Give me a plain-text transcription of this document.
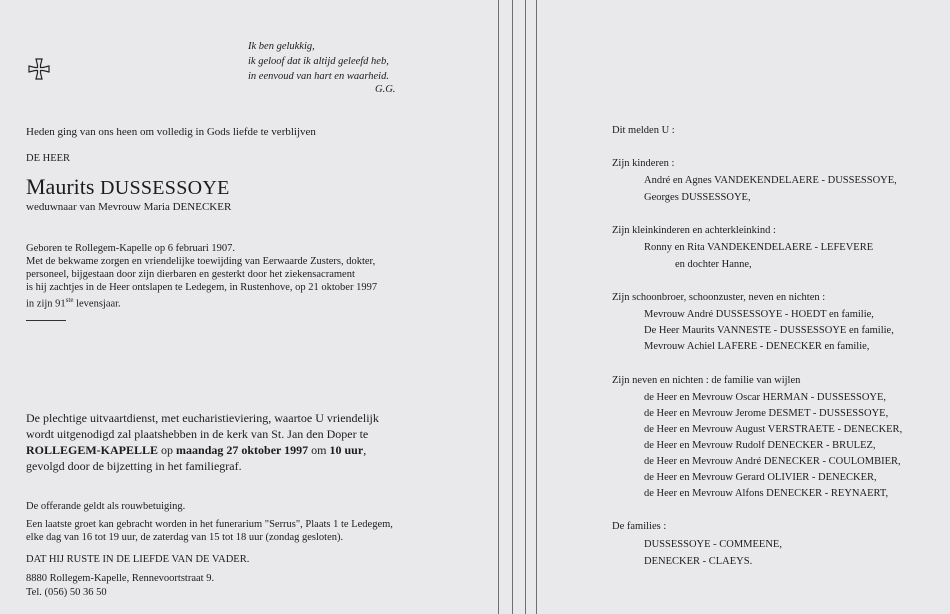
Ik ben gelukkig,
ik geloof dat ik altijd geleefd heb,
in eenvoud van hart en waarheid.
G.G.
Heden ging van ons heen om volledig in Gods liefde te verblijven
DE HEER
Maurits DUSSESSOYE
weduwnaar van Mevrouw Maria DENECKER
Geboren te Rollegem-Kapelle op 6 februari 1907.
Met de bekwame zorgen en vriendelijke toewijding van Eerwaarde Zusters, dokter,
personeel, bijgestaan door zijn dierbaren en gesterkt door het ziekensacrament
is hij zachtjes in de Heer ontslapen te Ledegem, in Rustenhove, op 21 oktober 1997
in zijn 91ste levensjaar.
De plechtige uitvaartdienst, met eucharistieviering, waartoe U vriendelijk
wordt uitgenodigd zal plaatshebben in de kerk van St. Jan den Doper te
ROLLEGEM-KAPELLE op maandag 27 oktober 1997 om 10 uur,
gevolgd door de bijzetting in het familiegraf.
De offerande geldt als rouwbetuiging.
Een laatste groet kan gebracht worden in het funerarium "Serrus", Plaats 1 te Ledegem,
elke dag van 16 tot 19 uur, de zaterdag van 15 tot 18 uur (zondag gesloten).
DAT HIJ RUSTE IN DE LIEFDE VAN DE VADER.
8880 Rollegem-Kapelle, Rennevoortstraat 9.
Tel. (056) 50 36 50
Dit melden U :
Zijn kinderen :
André en Agnes VANDEKENDELAERE - DUSSESSOYE,
Georges DUSSESSOYE,
Zijn kleinkinderen en achterkleinkind :
Ronny en Rita VANDEKENDELAERE - LEFEVERE
en dochter Hanne,
Zijn schoonbroer, schoonzuster, neven en nichten :
Mevrouw André DUSSESSOYE - HOEDT en familie,
De Heer Maurits VANNESTE - DUSSESSOYE en familie,
Mevrouw Achiel LAFERE - DENECKER en familie,
Zijn neven en nichten : de familie van wijlen
de Heer en Mevrouw Oscar HERMAN - DUSSESSOYE,
de Heer en Mevrouw Jerome DESMET - DUSSESSOYE,
de Heer en Mevrouw August VERSTRAETE - DENECKER,
de Heer en Mevrouw Rudolf DENECKER - BRULEZ,
de Heer en Mevrouw André DENECKER - COULOMBIER,
de Heer en Mevrouw Gerard OLIVIER - DENECKER,
de Heer en Mevrouw Alfons DENECKER - REYNAERT,
De families :
DUSSESSOYE - COMMEENE,
DENECKER - CLAEYS.
